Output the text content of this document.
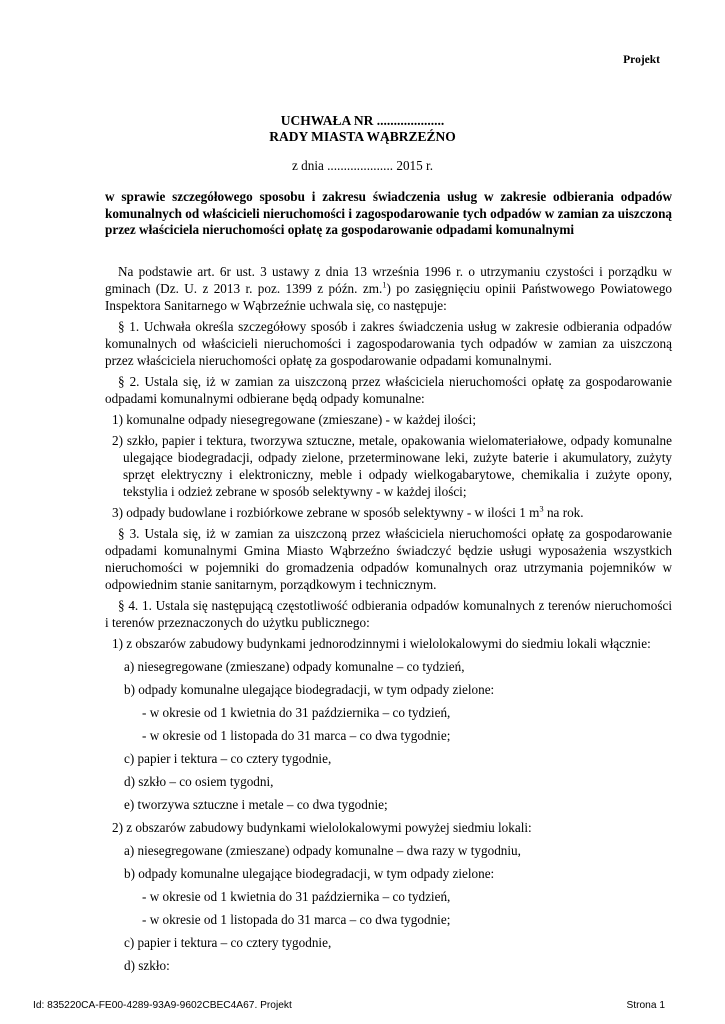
Projekt
UCHWAŁA NR ....................
RADY MIASTA WĄBRZEŹNO
z dnia .................... 2015 r.
w sprawie szczegółowego sposobu i zakresu świadczenia usług w zakresie odbierania odpadów komunalnych od właścicieli nieruchomości i zagospodarowanie tych odpadów w zamian za uiszczoną przez właściciela nieruchomości opłatę za gospodarowanie odpadami komunalnymi

Na podstawie art. 6r ust. 3 ustawy z dnia 13 września 1996 r. o utrzymaniu czystości i porządku w gminach (Dz. U. z 2013 r. poz. 1399 z późn. zm.$^1$) po zasięgnięciu opinii Państwowego Powiatowego Inspektora Sanitarnego w Wąbrzeźnie uchwala się, co następuje:

§ 1. Uchwała określa szczegółowy sposób i zakres świadczenia usług w zakresie odbierania odpadów komunalnych od właścicieli nieruchomości i zagospodarowania tych odpadów w zamian za uiszczoną przez właściciela nieruchomości opłatę za gospodarowanie odpadami komunalnymi.

§ 2. Ustala się, iż w zamian za uiszczoną przez właściciela nieruchomości opłatę za gospodarowanie odpadami komunalnymi odbierane będą odpady komunalne:

1) komunalne odpady niesegregowane (zmieszane) - w każdej ilości;
2) szkło, papier i tektura, tworzywa sztuczne, metale, opakowania wielomateriałowe, odpady komunalne ulegające biodegradacji, odpady zielone, przeterminowane leki, zużyte baterie i akumulatory, zużyty sprzęt elektryczny i elektroniczny, meble i odpady wielkogabarytowe, chemikalia i zużyte opony, tekstylia i odzież zebrane w sposób selektywny - w każdej ilości;
3) odpady budowlane i rozbiórkowe zebrane w sposób selektywny - w ilości 1 $m^3$ na rok.

§ 3. Ustala się, iż w zamian za uiszczoną przez właściciela nieruchomości opłatę za gospodarowanie odpadami komunalnymi Gmina Miasto Wąbrzeźno świadczyć będzie usługi wyposażenia wszystkich nieruchomości w pojemniki do gromadzenia odpadów komunalnych oraz utrzymania pojemników w odpowiednim stanie sanitarnym, porządkowym i technicznym.

§ 4. 1. Ustala się następującą częstotliwość odbierania odpadów komunalnych z terenów nieruchomości i terenów przeznaczonych do użytku publicznego:

1) z obszarów zabudowy budynkami jednorodzinnymi i wielolokalowymi do siedmiu lokali włącznie:
a) niesegregowane (zmieszane) odpady komunalne – co tydzień,
b) odpady komunalne ulegające biodegradacji, w tym odpady zielone:
- w okresie od 1 kwietnia do 31 października – co tydzień,
- w okresie od 1 listopada do 31 marca – co dwa tygodnie;
c) papier i tektura – co cztery tygodnie,
d) szkło – co osiem tygodni,
e) tworzywa sztuczne i metale – co dwa tygodnie;
2) z obszarów zabudowy budynkami wielolokalowymi powyżej siedmiu lokali:
a) niesegregowane (zmieszane) odpady komunalne – dwa razy w tygodniu,
b) odpady komunalne ulegające biodegradacji, w tym odpady zielone:
- w okresie od 1 kwietnia do 31 października – co tydzień,
- w okresie od 1 listopada do 31 marca – co dwa tygodnie;
c) papier i tektura – co cztery tygodnie,
d) szkło:
Id: 835220CA-FE00-4289-93A9-9602CBEC4A67. Projekt	Strona 1
